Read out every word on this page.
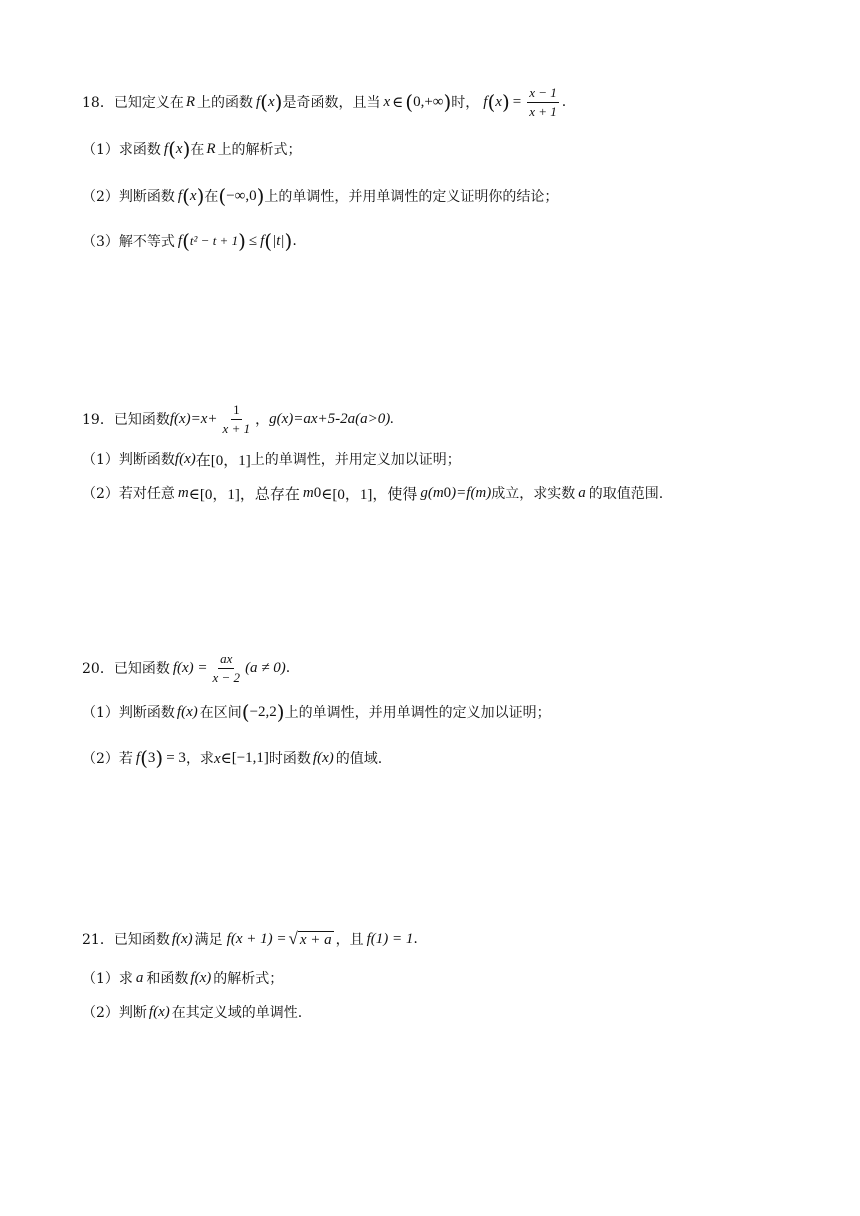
18． 已知定义在 R 上的函数 f ( x ) 是奇函数，且当 x ∈ ( 0,+∞ ) 时， f ( x ) = $\frac{x - 1}{x + 1}$ .
（1） 求函数 f ( x ) 在 R 上的解析式；
（2） 判断函数 f ( x ) 在 ( −∞,0 ) 上的单调性，并用单调性的定义证明你的结论；
（3） 解不等式 f ( t² − t + 1 ) ≤ f ( |t| ) .
19． 已知函数 $f(x)=x+ \frac{1}{x + 1}$ ， g(x)=ax+5-2a(a>0).
（1） 判断函数 f(x) 在[0，1] 上的单调性，并用定义加以证明；
（2） 若对任意 m ∈[0，1]，总存在 m 0 ∈[0，1]，使得 g(m 0 )=f(m) 成立，求实数 a 的取值范围.
20． 已知函数 $f(x) = \frac{ax}{x - 2} (a \ne 0)$ .
（1） 判断函数 f(x) 在区间 ( −2,2 ) 上的单调性，并用单调性的定义加以证明；
（2） 若 f ( 3 ) = 3 ，求 x∈ [−1,1] 时函数 f(x) 的值域.
21． 已知函数 f(x) 满足 f(x + 1) = √ x + a ，且 f(1) = 1 .
（1） 求 a 和函数 f(x) 的解析式；
（2） 判断 f(x) 在其定义域的单调性.
